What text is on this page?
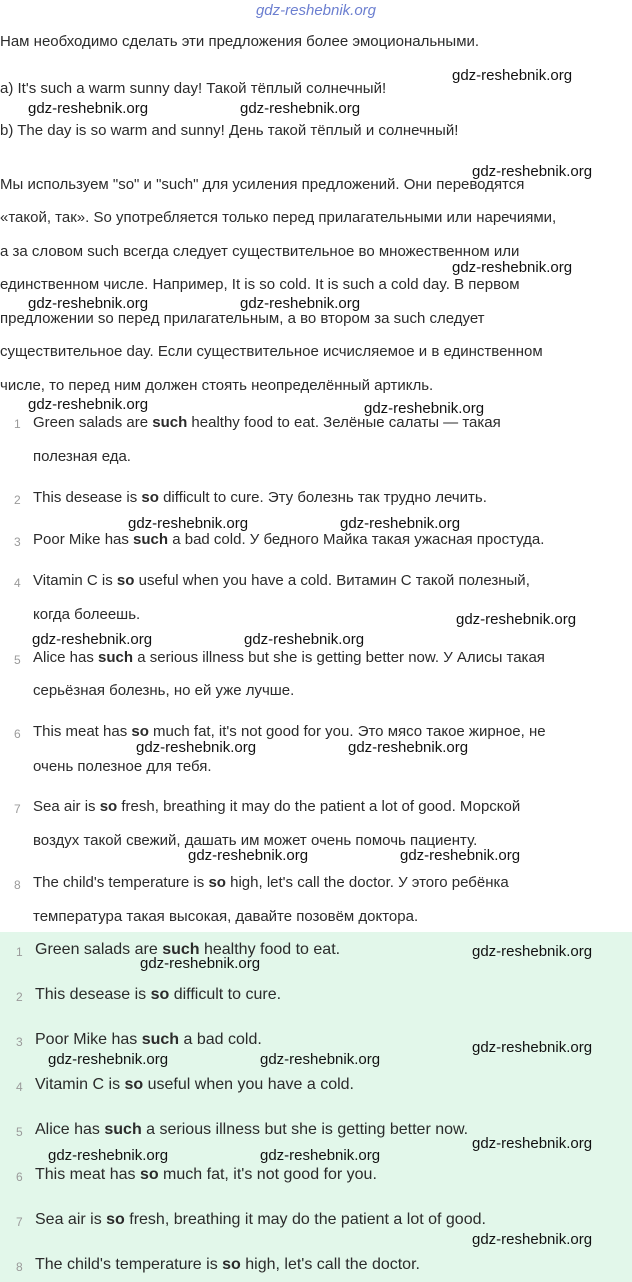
gdz-reshebnik.org
Нам необходимо сделать эти предложения более эмоциональными.
a) It's such a warm sunny day! Такой тёплый солнечный!
b) The day is so warm and sunny! День такой тёплый и солнечный!
Мы используем "so" и "such" для усиления предложений. Они переводятся
«такой, так». So употребляется только перед прилагательными или наречиями,
а за словом such всегда следует существительное во множественном или
единственном числе. Например, It is so cold. It is such a cold day. В первом
предложении so перед прилагательным, а во втором за such следует
существительное day. Если существительное исчисляемое и в единственном
числе, то перед ним должен стоять неопределённый артикль.
1 Green salads are such healthy food to eat. Зелёные салаты — такая
полезная еда.
2 This desease is so difficult to cure. Эту болезнь так трудно лечить.
3 Poor Mike has such a bad cold. У бедного Майка такая ужасная простуда.
4 Vitamin C is so useful when you have a cold. Витамин С такой полезный,
когда болеешь.
5 Alice has such a serious illness but she is getting better now. У Алисы такая
серьёзная болезнь, но ей уже лучше.
6 This meat has so much fat, it's not good for you. Это мясо такое жирное, не
очень полезное для тебя.
7 Sea air is so fresh, breathing it may do the patient a lot of good. Морской
воздух такой свежий, дашать им может очень помочь пациенту.
8 The child's temperature is so high, let's call the doctor. У этого ребёнка
температура такая высокая, давайте позовём доктора.
1 Green salads are such healthy food to eat.
2 This desease is so difficult to cure.
3 Poor Mike has such a bad cold.
4 Vitamin C is so useful when you have a cold.
5 Alice has such a serious illness but she is getting better now.
6 This meat has so much fat, it's not good for you.
7 Sea air is so fresh, breathing it may do the patient a lot of good.
8 The child's temperature is so high, let's call the doctor.
gdz-reshebnik.org
gdz-reshebnik.org	gdz-reshebnik.org
gdz-reshebnik.org
gdz-reshebnik.org
gdz-reshebnik.org	gdz-reshebnik.org
gdz-reshebnik.org	gdz-reshebnik.org
gdz-reshebnik.org	gdz-reshebnik.org
gdz-reshebnik.org
gdz-reshebnik.org	gdz-reshebnik.org
gdz-reshebnik.org	gdz-reshebnik.org
gdz-reshebnik.org	gdz-reshebnik.org
gdz-reshebnik.org
gdz-reshebnik.org
gdz-reshebnik.org
gdz-reshebnik.org	gdz-reshebnik.org
gdz-reshebnik.org
gdz-reshebnik.org	gdz-reshebnik.org
gdz-reshebnik.org
